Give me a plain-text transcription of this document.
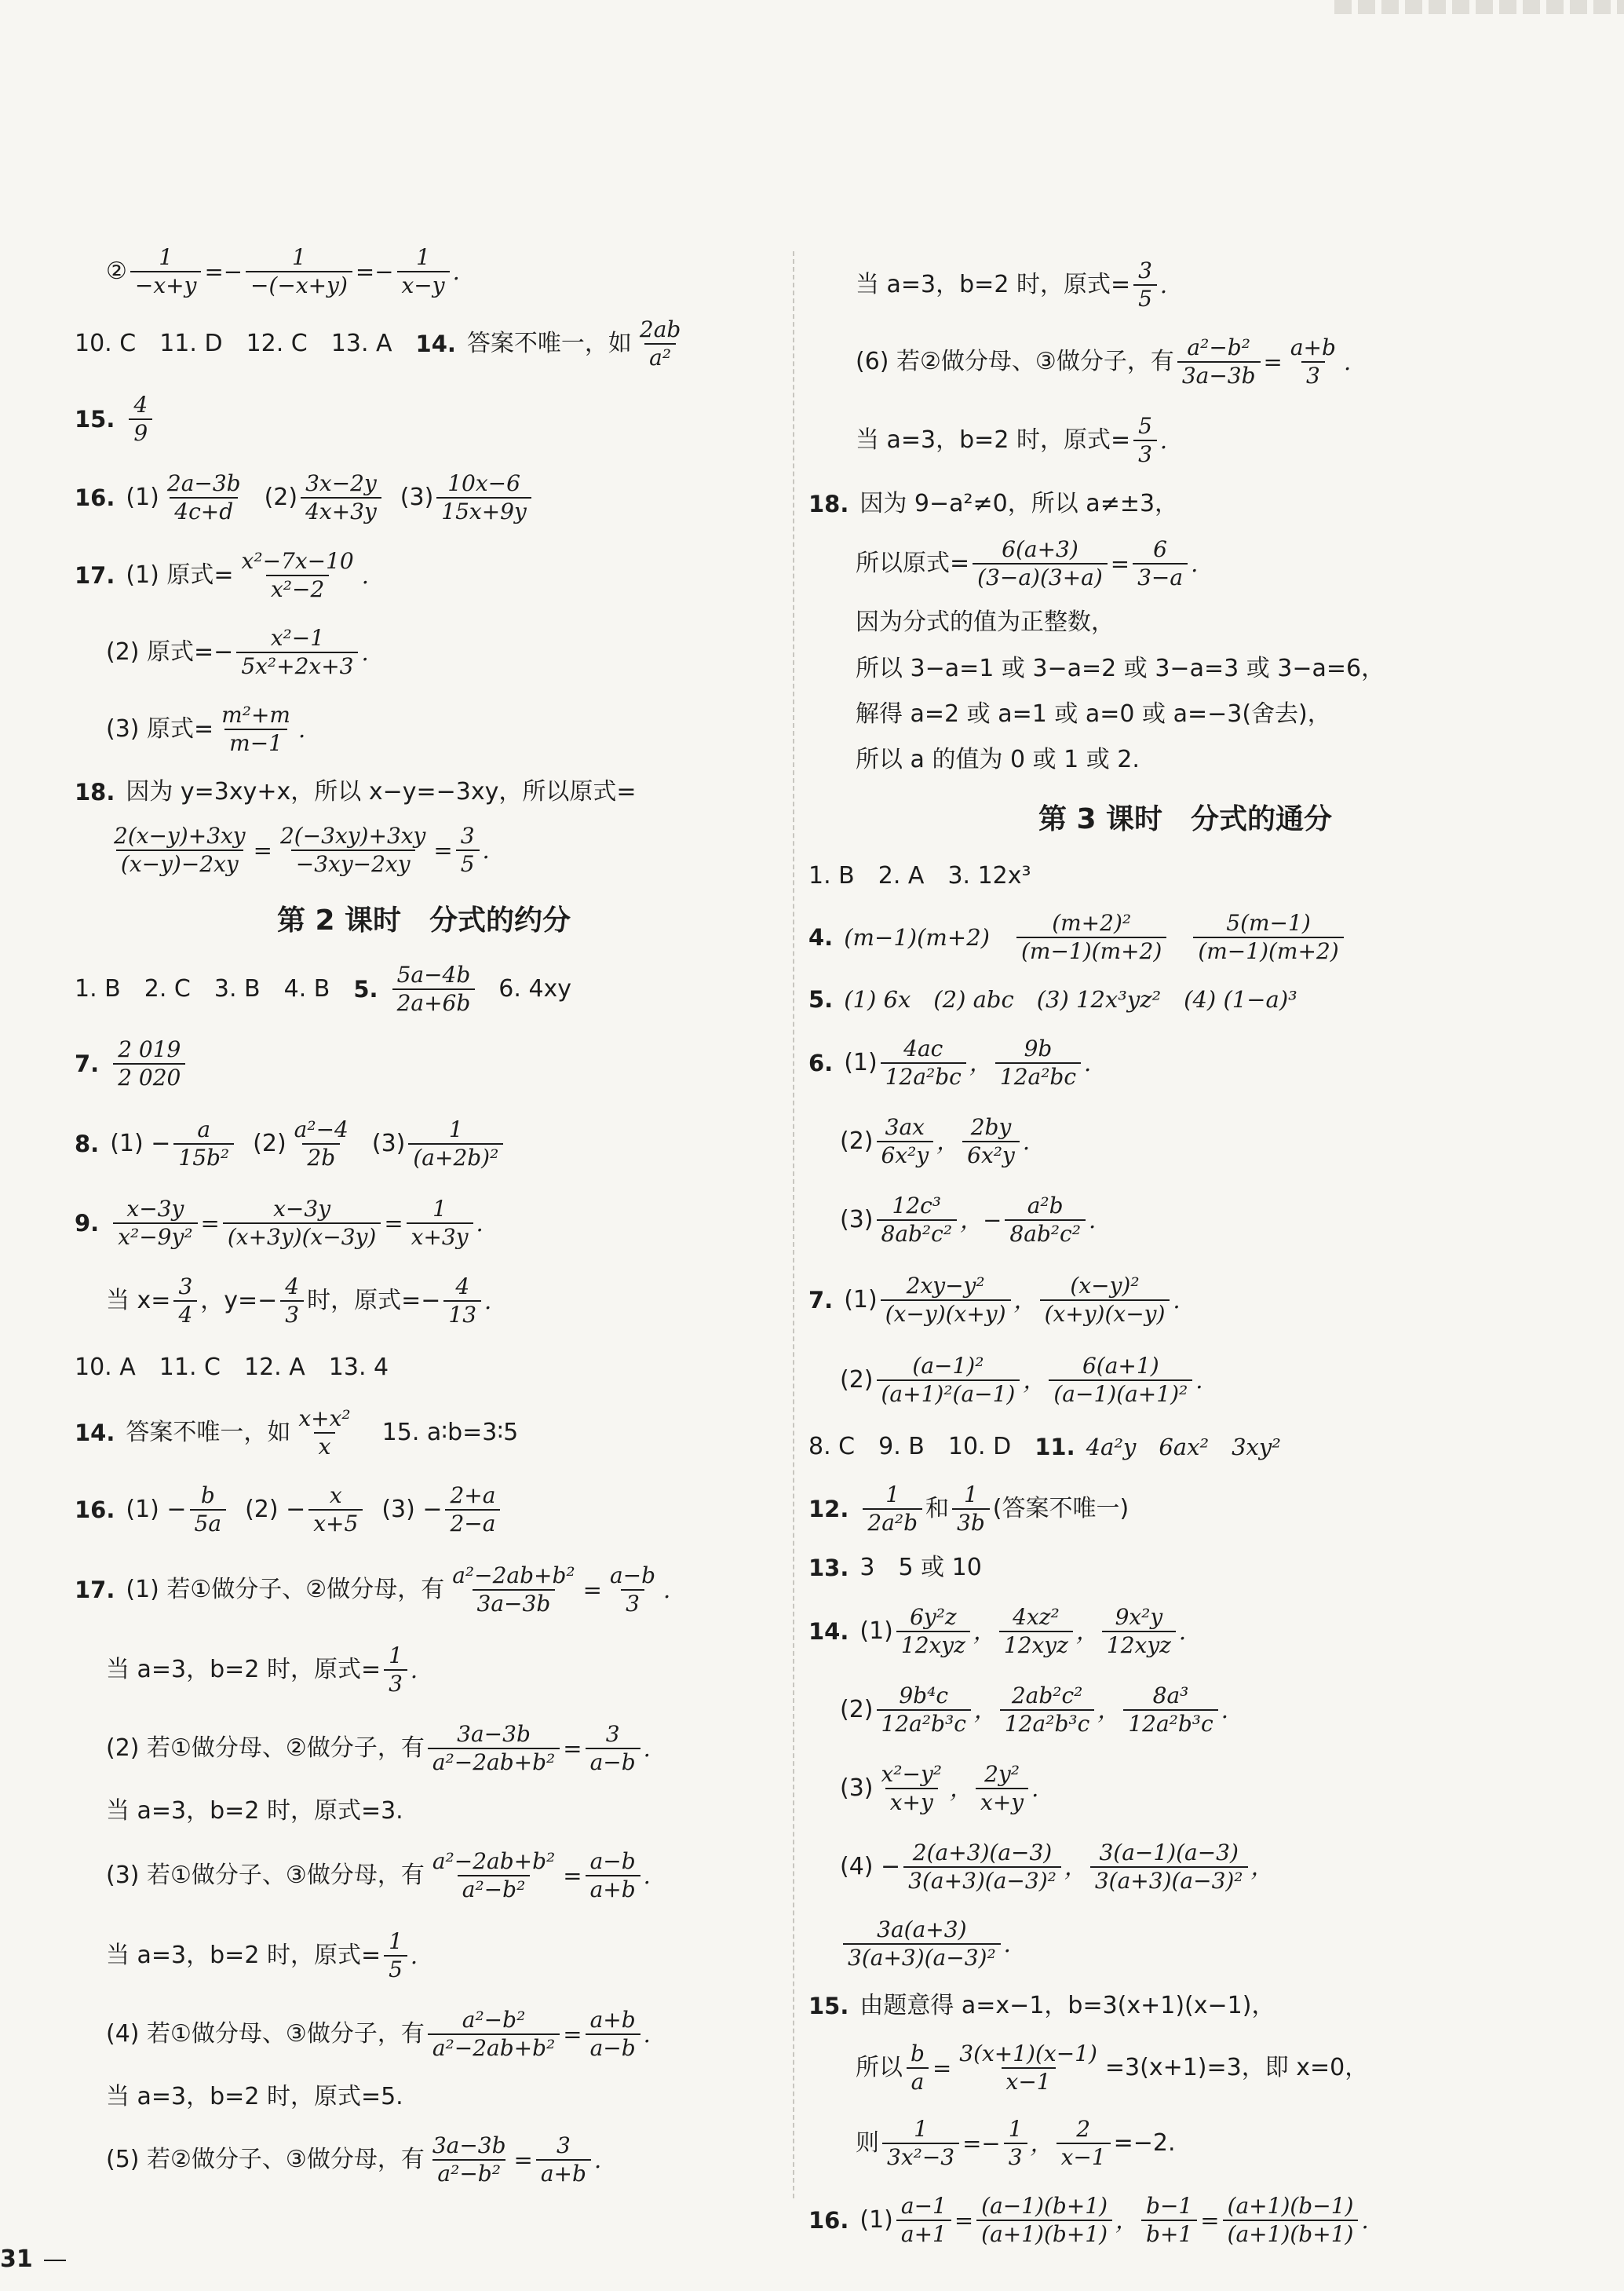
② $\frac{1}{-x+y} =- \frac{1}{-(-x+y)} =- \frac{1}{x-y}$ .
10. C 11. D 12. C 13. A 14. 答案不唯一，如
2ab
a²
15.
4
9
16. (1)
2a−3b
4c+d
(2)
3x−2y
4x+3y
(3)
10x−6
15x+9y
17. (1) 原式= $\frac{\text{x²−7x−10}}{\text{x²−2}}$ .
(2) 原式=− $\frac{\text{x²−1}}{\text{5x²+2x+3}}$ .
(3) 原式= $\frac{\text{m²+m}}{m-1}$ .
18. 因为 y=3xy+x，所以 x−y=−3xy，所以原式=
$\frac{2(x-y)+3xy}{(x-y)-2xy} = \frac{2(-3xy)+3xy}{-3xy-2xy} = \frac{3}{5}$ .
第 2 课时　分式的约分
1. B 2. C 3. B 4. B 5.
5a−4b
2a+6b
6. 4xy
7.
2 019
2 020
8. $(1) - \frac{a}{\text{15b²}} (2)$
a²−4
2b
(3)
1
(a+2b)²
9. $\frac{x-3y}{\text{x²−9y²}} = \frac{x-3y}{(x+3y)(x-3y)} = \frac{1}{x+3y}$ .
当 $x= \frac{3}{4}$ ，$y=- \frac{4}{3}$ 时，原式=− $\frac{4}{13}$ .
10. A 11. C 12. A 13. 4
14. 答案不唯一，如
x+x²
x
15. a∶b=3∶5
16. $(1) - \frac{b}{5a} (2) - \frac{x}{x+5} (3) - \frac{2+a}{2-a}$
17. (1) 若①做分子、②做分母，有 $\frac{\text{a²−2ab+b²}}{3a-3b} = \frac{a-b}{3}$ .
当 a=3，b=2 时，原式= $\frac{1}{3}$ .
(2) 若①做分母、②做分子，有 $\frac{3a-3b}{\text{a²−2ab+b²}} = \frac{3}{a-b}$ .
当 a=3，b=2 时，原式=3.
(3) 若①做分子、③做分母，有 $\frac{\text{a²−2ab+b²}}{\text{a²−b²}} = \frac{a-b}{a+b}$ .
当 a=3，b=2 时，原式= $\frac{1}{5}$ .
(4) 若①做分母、③做分子，有 $\frac{\text{a²−b²}}{\text{a²−2ab+b²}} = \frac{a+b}{a-b}$ .
当 a=3，b=2 时，原式=5.
(5) 若②做分子、③做分母，有 $\frac{3a-3b}{\text{a²−b²}} = \frac{3}{a+b}$ .
当 a=3，b=2 时，原式= $\frac{3}{5}$ .
(6) 若②做分母、③做分子，有 $\frac{\text{a²−b²}}{3a-3b} = \frac{a+b}{3}$ .
当 a=3，b=2 时，原式= $\frac{5}{3}$ .
18. 因为 9−a²≠0，所以 a≠±3，
所以原式= $\frac{6(a+3)}{(3-a)(3+a)} = \frac{6}{3-a}$ .
因为分式的值为正整数，
所以 3−a=1 或 3−a=2 或 3−a=3 或 3−a=6，
解得 a=2 或 a=1 或 a=0 或 a=−3(舍去)，
所以 a 的值为 0 或 1 或 2.
第 3 课时　分式的通分
1. B 2. A 3. 12x³
4. (m−1)(m+2)
(m+2)²
(m−1)(m+2)
5(m−1)
(m−1)(m+2)
5. (1) 6x　(2) abc　(3) 12x³yz²　(4) (1−a)³
6. (1)
4ac
12a²bc
，
9b
12a²bc
.
(2)
3ax
6x²y
，
2by
6x²y
.
(3)
12c³
8ab²c²
，− $\frac{\text{a²b}}{\text{8ab²c²}}$ .
7. (1)
2xy−y²
(x−y)(x+y)
，
(x−y)²
(x+y)(x−y)
.
(2)
(a−1)²
(a+1)²(a−1)
，
6(a+1)
(a−1)(a+1)²
.
8. C 9. B 10. D 11. 4a²y　6ax²　3xy²
12.
1
2a²b
和
1
3b
(答案不唯一)
13. 3　5 或 10
14. (1)
6y²z
12xyz
，
4xz²
12xyz
，
9x²y
12xyz
.
(2)
9b⁴c
12a²b³c
，
2ab²c²
12a²b³c
，
8a³
12a²b³c
.
(3)
x²−y²
x+y
，
2y²
x+y
.
$(4) - \frac{2(a+3)(a-3)}{\text{3(a+3)(a−3)²}}$ ，
3(a−1)(a−3)
3(a+3)(a−3)²
，
3a(a+3)
3(a+3)(a−3)²
.
15. 由题意得 a=x−1，b=3(x+1)(x−1)，
所以 $\frac{b}{a} = \frac{3(x+1)(x-1)}{x-1} =3(x+1)=3$，即 x=0，
则 $\frac{1}{\text{3x²−3}} =- \frac{1}{3}$ ， $\frac{2}{x-1} =-2$.
16. $(1) \frac{a-1}{a+1} = \frac{(a-1)(b+1)}{(a+1)(b+1)}$ ， $\frac{b-1}{b+1} = \frac{(a+1)(b-1)}{(a+1)(b+1)}$ .
31
